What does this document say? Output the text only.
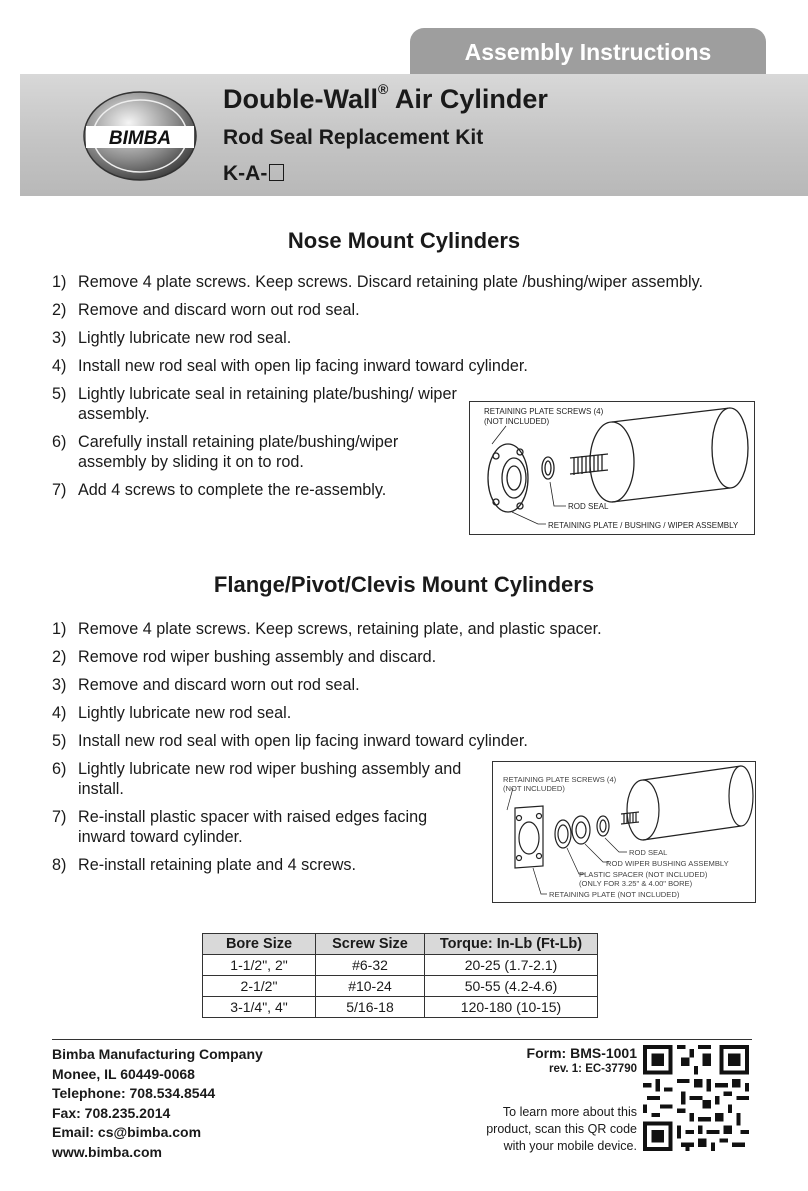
Assembly Instructions
BIMBA
Double-Wall® Air Cylinder
Rod Seal Replacement Kit
K-A-
Nose Mount Cylinders
1) Remove 4 plate screws. Keep screws. Discard retaining plate /bushing/wiper assembly.
2) Remove and discard worn out rod seal.
3) Lightly lubricate new rod seal.
4) Install new rod seal with open lip facing inward toward cylinder.
5) Lightly lubricate seal in retaining plate/bushing/ wiper assembly.
6) Carefully install retaining plate/bushing/wiper assembly by sliding it on to rod.
7) Add 4 screws to complete the re-assembly.
RETAINING PLATE SCREWS (4)
(NOT INCLUDED)
ROD SEAL
RETAINING PLATE / BUSHING / WIPER ASSEMBLY
Flange/Pivot/Clevis Mount Cylinders
1) Remove 4 plate screws. Keep screws, retaining plate, and plastic spacer.
2) Remove rod wiper bushing assembly and discard.
3) Remove and discard worn out rod seal.
4) Lightly lubricate new rod seal.
5) Install new rod seal with open lip facing inward toward cylinder.
6) Lightly lubricate new rod wiper bushing assembly and install.
7) Re-install plastic spacer with raised edges facing inward toward cylinder.
8) Re-install retaining plate and 4 screws.
RETAINING PLATE SCREWS (4)
(NOT INCLUDED)
ROD SEAL
ROD WIPER BUSHING ASSEMBLY
PLASTIC SPACER (NOT INCLUDED)
(ONLY FOR 3.25" & 4.00" BORE)
RETAINING PLATE (NOT INCLUDED)
Bore Size	Screw Size	Torque: In-Lb (Ft-Lb)
1-1/2", 2"	#6-32	20-25 (1.7-2.1)
2-1/2"	#10-24	50-55 (4.2-4.6)
3-1/4", 4"	5/16-18	120-180 (10-15)
Bimba Manufacturing Company
Monee, IL 60449-0068
Telephone: 708.534.8544
Fax: 708.235.2014
Email: cs@bimba.com
www.bimba.com
Form: BMS-1001
rev. 1: EC-37790
To learn more about this
product, scan this QR code
with your mobile device.
